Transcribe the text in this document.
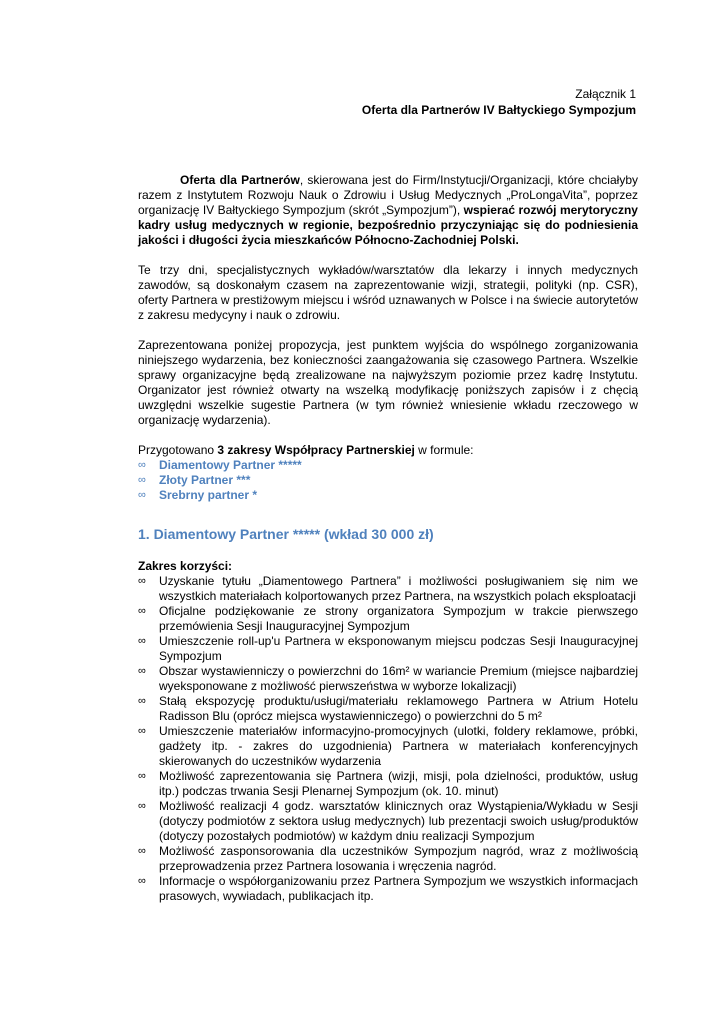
Załącznik 1
Oferta dla Partnerów IV Bałtyckiego Sympozjum

Oferta dla Partnerów, skierowana jest do Firm/Instytucji/Organizacji, które chciałyby razem z Instytutem Rozwoju Nauk o Zdrowiu i Usług Medycznych „ProLongaVita”, poprzez organizację IV Bałtyckiego Sympozjum (skrót „Sympozjum”), wspierać rozwój merytoryczny kadry usług medycznych w regionie, bezpośrednio przyczyniając się do podniesienia jakości i długości życia mieszkańców Północno-Zachodniej Polski.

Te trzy dni, specjalistycznych wykładów/warsztatów dla lekarzy i innych medycznych zawodów, są doskonałym czasem na zaprezentowanie wizji, strategii, polityki (np. CSR), oferty Partnera w prestiżowym miejscu i wśród uznawanych w Polsce i na świecie autorytetów z zakresu medycyny i nauk o zdrowiu.

Zaprezentowana poniżej propozycja, jest punktem wyjścia do wspólnego zorganizowania niniejszego wydarzenia, bez konieczności zaangażowania się czasowego Partnera. Wszelkie sprawy organizacyjne będą zrealizowane na najwyższym poziomie przez kadrę Instytutu. Organizator jest również otwarty na wszelką modyfikację poniższych zapisów i z chęcią uwzględni wszelkie sugestie Partnera (w tym również wniesienie wkładu rzeczowego w organizację wydarzenia).

Przygotowano 3 zakresy Współpracy Partnerskiej w formule:

∞ Diamentowy Partner *****
∞ Złoty Partner ***
∞ Srebrny partner *
1. Diamentowy Partner ***** (wkład 30 000 zł)

Zakres korzyści:

∞ Uzyskanie tytułu „Diamentowego Partnera” i możliwości posługiwaniem się nim we wszystkich materiałach kolportowanych przez Partnera, na wszystkich polach eksploatacji
∞ Oficjalne podziękowanie ze strony organizatora Sympozjum w trakcie pierwszego przemówienia Sesji Inauguracyjnej Sympozjum
∞ Umieszczenie roll-up'u Partnera w eksponowanym miejscu podczas Sesji Inauguracyjnej Sympozjum
∞ Obszar wystawienniczy o powierzchni do 16m² w wariancie Premium (miejsce najbardziej wyeksponowane z możliwość pierwszeństwa w wyborze lokalizacji)
∞ Stałą ekspozycję produktu/usługi/materiału reklamowego Partnera w Atrium Hotelu Radisson Blu (oprócz miejsca wystawienniczego) o powierzchni do 5 m²
∞ Umieszczenie materiałów informacyjno-promocyjnych (ulotki, foldery reklamowe, próbki, gadżety itp. - zakres do uzgodnienia) Partnera w materiałach konferencyjnych skierowanych do uczestników wydarzenia
∞ Możliwość zaprezentowania się Partnera (wizji, misji, pola dzielności, produktów, usług itp.) podczas trwania Sesji Plenarnej Sympozjum (ok. 10. minut)
∞ Możliwość realizacji 4 godz. warsztatów klinicznych oraz Wystąpienia/Wykładu w Sesji (dotyczy podmiotów z sektora usług medycznych) lub prezentacji swoich usług/produktów (dotyczy pozostałych podmiotów) w każdym dniu realizacji Sympozjum
∞ Możliwość zasponsorowania dla uczestników Sympozjum nagród, wraz z możliwością przeprowadzenia przez Partnera losowania i wręczenia nagród.
∞ Informacje o współorganizowaniu przez Partnera Sympozjum we wszystkich informacjach prasowych, wywiadach, publikacjach itp.
